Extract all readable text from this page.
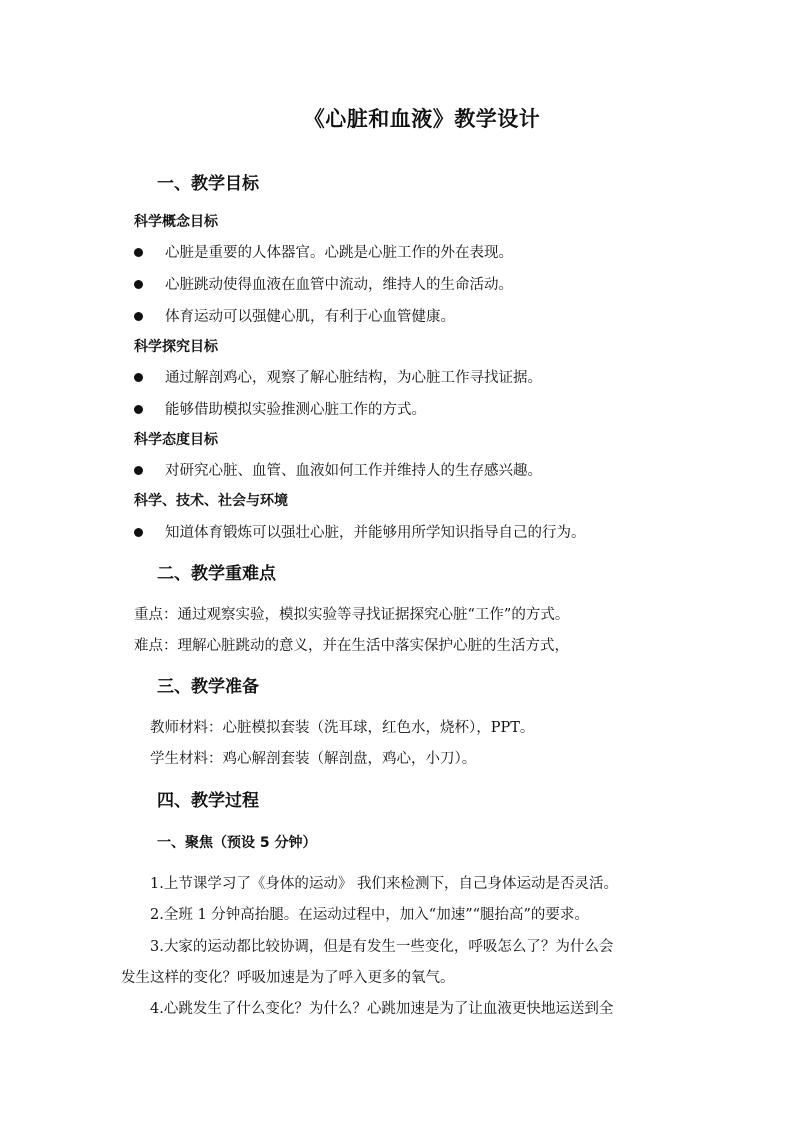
《心脏和血液》教学设计
一、教学目标
科学概念目标
心脏是重要的人体器官。心跳是心脏工作的外在表现。
心脏跳动使得血液在血管中流动，维持人的生命活动。
体育运动可以强健心肌，有利于心血管健康。
科学探究目标
通过解剖鸡心，观察了解心脏结构，为心脏工作寻找证据。
能够借助模拟实验推测心脏工作的方式。
科学态度目标
对研究心脏、血管、血液如何工作并维持人的生存感兴趣。
科学、技术、社会与环境
知道体育锻炼可以强壮心脏，并能够用所学知识指导自己的行为。
二、教学重难点
重点：通过观察实验，模拟实验等寻找证据探究心脏“工作”的方式。
难点：理解心脏跳动的意义，并在生活中落实保护心脏的生活方式，
三、教学准备
教师材料：心脏模拟套装（洗耳球，红色水，烧杯），PPT。
学生材料：鸡心解剖套装（解剖盘，鸡心，小刀）。
四、教学过程
一、聚焦（预设 5 分钟）
1.上节课学习了《身体的运动》 我们来检测下，自己身体运动是否灵活。
2.全班 1 分钟高抬腿。在运动过程中，加入“加速”“腿抬高”的要求。
3.大家的运动都比较协调，但是有发生一些变化，呼吸怎么了？为什么会
发生这样的变化？呼吸加速是为了呼入更多的氧气。
4.心跳发生了什么变化？为什么？心跳加速是为了让血液更快地运送到全
